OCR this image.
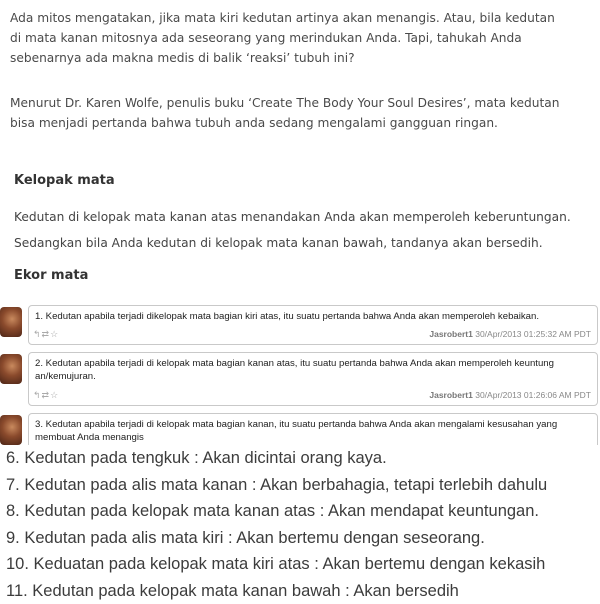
Ada mitos mengatakan, jika mata kiri kedutan artinya akan menangis. Atau, bila kedutan
di mata kanan mitosnya ada seseorang yang merindukan Anda. Tapi, tahukah Anda
sebenarnya ada makna medis di balik ‘reaksi’ tubuh ini?
Menurut Dr. Karen Wolfe, penulis buku ‘Create The Body Your Soul Desires’, mata kedutan
bisa menjadi pertanda bahwa tubuh anda sedang mengalami gangguan ringan.
Kelopak mata
Kedutan di kelopak mata kanan atas menandakan Anda akan memperoleh keberuntungan.
Sedangkan bila Anda kedutan di kelopak mata kanan bawah, tandanya akan bersedih.
Ekor mata
1. Kedutan apabila terjadi dikelopak mata bagian kiri atas, itu suatu pertanda bahwa Anda akan memperoleh kebaikan.
↰⇄☆	Jasrobert1 30/Apr/2013 01:25:32 AM PDT
2. Kedutan apabila terjadi di kelopak mata bagian kanan atas, itu suatu pertanda bahwa Anda akan memperoleh keuntung an/kemujuran.
↰⇄☆	Jasrobert1 30/Apr/2013 01:26:06 AM PDT
3. Kedutan apabila terjadi di kelopak mata bagian kanan, itu suatu pertanda bahwa Anda akan mengalami kesusahan yang membuat Anda menangis
6. Kedutan pada tengkuk : Akan dicintai orang kaya.
7. Kedutan pada alis mata kanan : Akan berbahagia, tetapi terlebih dahulu
8. Kedutan pada kelopak mata kanan atas : Akan mendapat keuntungan.
9. Kedutan pada alis mata kiri : Akan bertemu dengan seseorang.
10. Keduatan pada kelopak mata kiri atas : Akan bertemu dengan kekasih
11. Kedutan pada kelopak mata kanan bawah : Akan bersedih
